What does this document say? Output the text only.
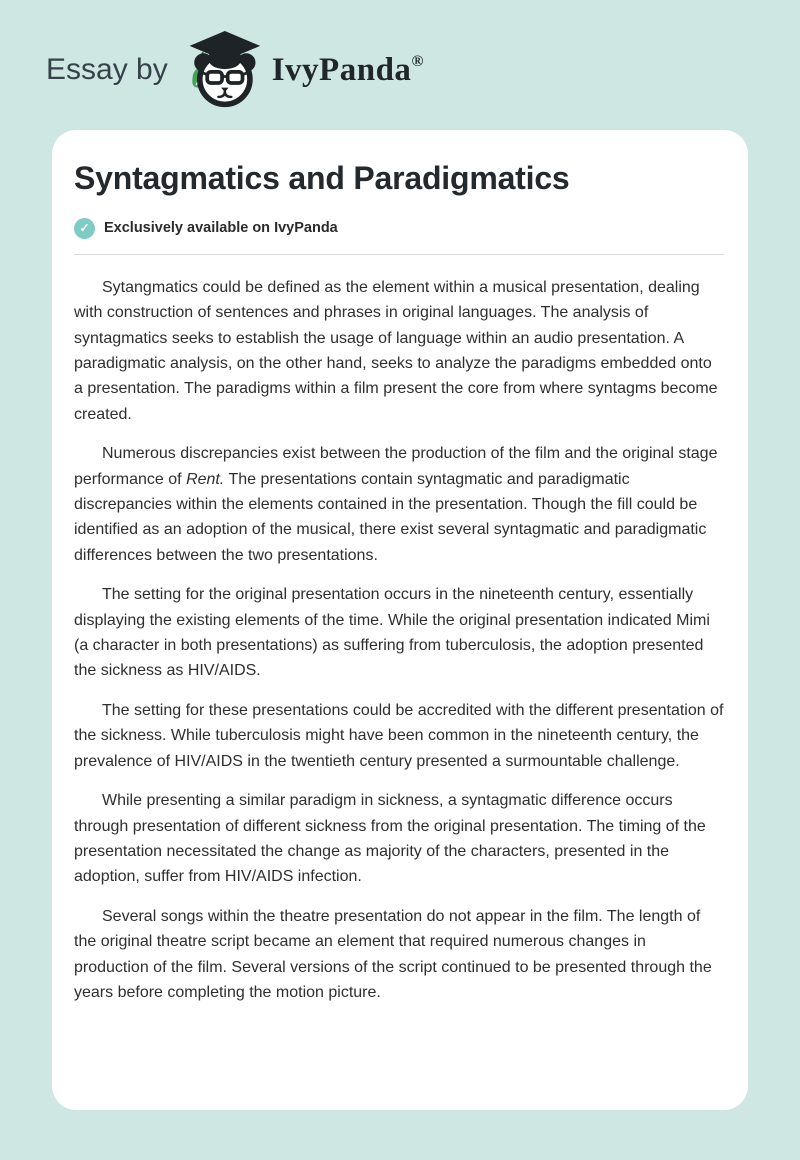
Essay by	IvyPanda ®
Syntagmatics and Paradigmatics
✓ Exclusively available on IvyPanda

Sytangmatics could be defined as the element within a musical presentation, dealing with construction of sentences and phrases in original languages. The analysis of syntagmatics seeks to establish the usage of language within an audio presentation. A paradigmatic analysis, on the other hand, seeks to analyze the paradigms embedded onto a presentation. The paradigms within a film present the core from where syntagms become created.

Numerous discrepancies exist between the production of the film and the original stage performance of Rent. The presentations contain syntagmatic and paradigmatic discrepancies within the elements contained in the presentation. Though the fill could be identified as an adoption of the musical, there exist several syntagmatic and paradigmatic differences between the two presentations.

The setting for the original presentation occurs in the nineteenth century, essentially displaying the existing elements of the time. While the original presentation indicated Mimi (a character in both presentations) as suffering from tuberculosis, the adoption presented the sickness as HIV/AIDS.

The setting for these presentations could be accredited with the different presentation of the sickness. While tuberculosis might have been common in the nineteenth century, the prevalence of HIV/AIDS in the twentieth century presented a surmountable challenge.

While presenting a similar paradigm in sickness, a syntagmatic difference occurs through presentation of different sickness from the original presentation. The timing of the presentation necessitated the change as majority of the characters, presented in the adoption, suffer from HIV/AIDS infection.

Several songs within the theatre presentation do not appear in the film. The length of the original theatre script became an element that required numerous changes in production of the film. Several versions of the script continued to be presented through the years before completing the motion picture.
